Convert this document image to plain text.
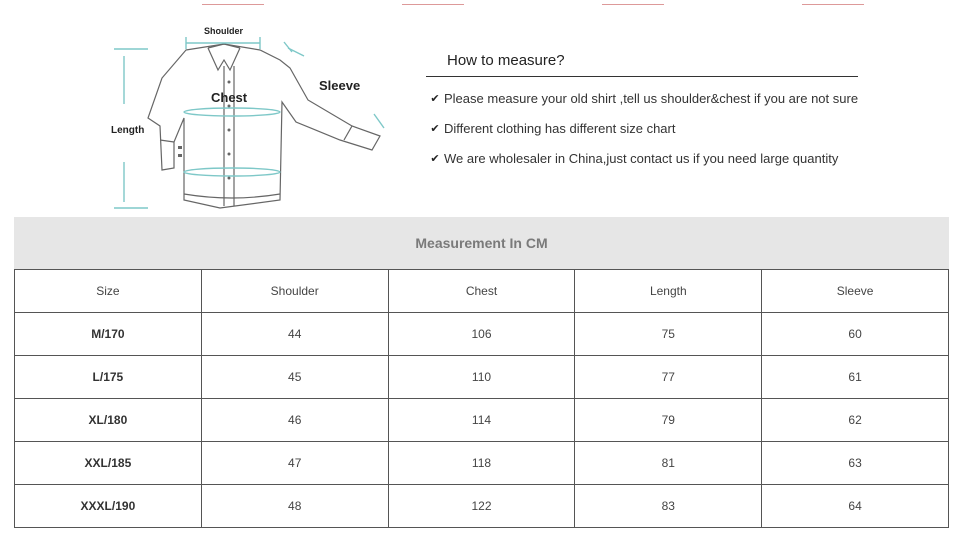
Shoulder
Chest
Sleeve
Length
How to measure?
✔ Please measure your old shirt ,tell us shoulder&chest if you are not sure
✔ Different clothing has different size chart
✔ We are wholesaler in China,just contact us if you need large quantity
Measurement In CM
Size	Shoulder	Chest	Length	Sleeve
M/170	44	106	75	60
L/175	45	110	77	61
XL/180	46	114	79	62
XXL/185	47	118	81	63
XXXL/190	48	122	83	64
